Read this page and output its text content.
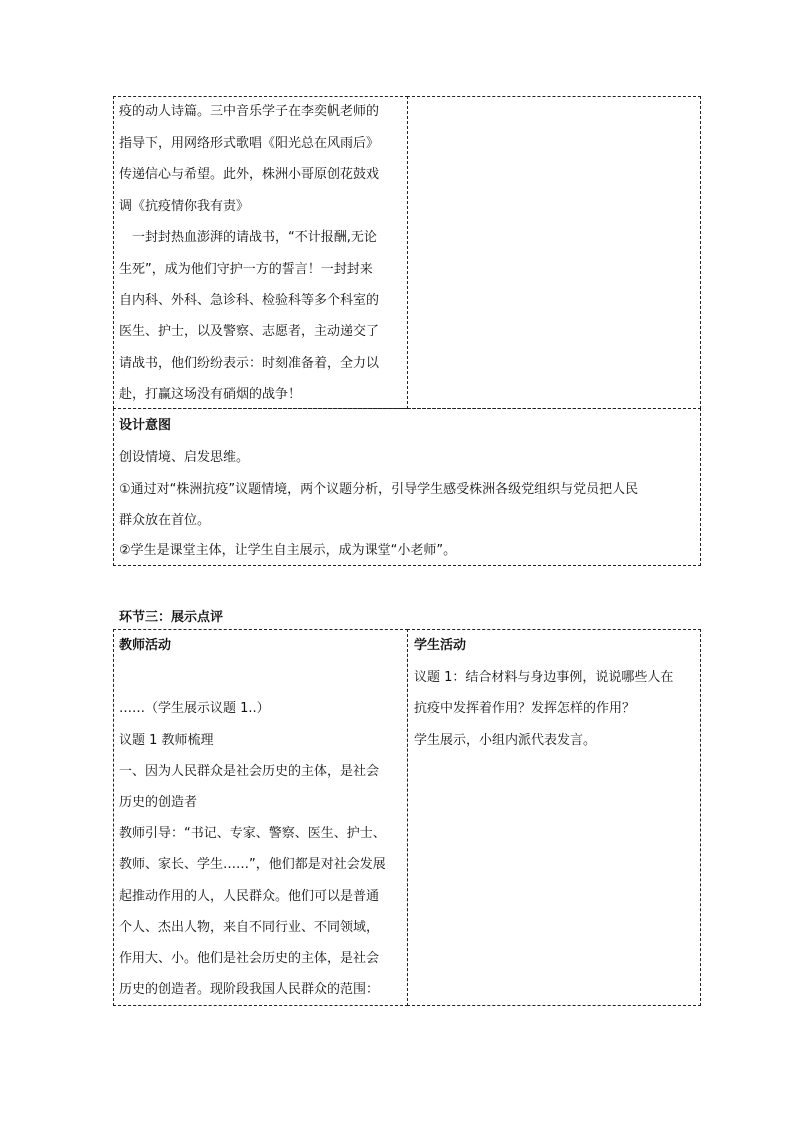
疫的动人诗篇。三中音乐学子在李奕帆老师的
指导下，用网络形式歌唱《阳光总在风雨后》
传递信心与希望。此外，株洲小哥原创花鼓戏
调《抗疫情你我有责》
　一封封热血澎湃的请战书，“不计报酬,无论
生死”，成为他们守护一方的誓言！一封封来
自内科、外科、急诊科、检验科等多个科室的
医生、护士，以及警察、志愿者，主动递交了
请战书，他们纷纷表示：时刻准备着，全力以
赴，打赢这场没有硝烟的战争！
设计意图
创设情境、启发思维。
①通过对“株洲抗疫”议题情境，两个议题分析，引导学生感受株洲各级党组织与党员把人民
群众放在首位。
②学生是课堂主体，让学生自主展示，成为课堂“小老师”。
环节三：展示点评
教师活动
……（学生展示议题 1..）
议题 1 教师梳理
一、因为人民群众是社会历史的主体，是社会
历史的创造者
教师引导：“书记、专家、警察、医生、护士、
教师、家长、学生……”，他们都是对社会发展
起推动作用的人，人民群众。他们可以是普通
个人、杰出人物，来自不同行业、不同领域，
作用大、小。他们是社会历史的主体，是社会
历史的创造者。现阶段我国人民群众的范围：
学生活动
议题 1：结合材料与身边事例，说说哪些人在
抗疫中发挥着作用？发挥怎样的作用？
学生展示，小组内派代表发言。
